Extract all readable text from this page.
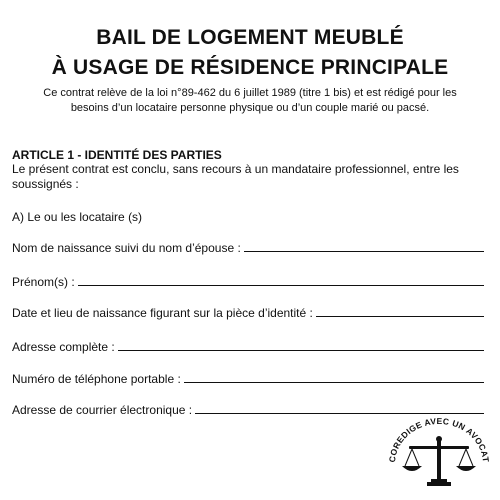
BAIL DE LOGEMENT MEUBLÉ
À USAGE DE RÉSIDENCE PRINCIPALE
Ce contrat relève de la loi n°89-462 du 6 juillet 1989 (titre 1 bis) et est rédigé pour les besoins d’un locataire personne physique ou d’un couple marié ou pacsé.
ARTICLE 1 - IDENTITÉ DES PARTIES
Le présent contrat est conclu, sans recours à un mandataire professionnel, entre les soussignés :
A) Le ou les locataire (s)
Nom de naissance suivi du nom d’épouse :
Prénom(s) :
Date et lieu de naissance figurant sur la pièce d’identité :
Adresse complète :
Numéro de téléphone portable :
Adresse de courrier électronique :
COREDIGE AVEC UN AVOCAT
